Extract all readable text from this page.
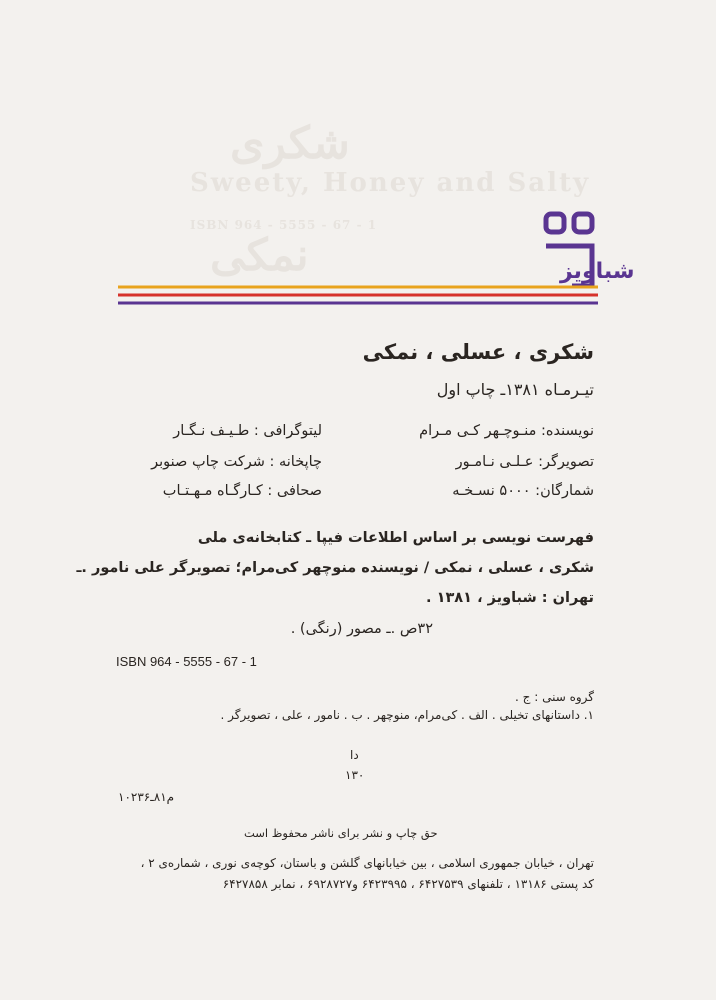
شکری
Sweety, Honey and Salty
ISBN 964 - 5555 - 67 - 1
نمکی	شباویز
شکری ، عسلی ، نمکی
تیـرمـاه ۱۳۸۱ـ چاپ اول
نویسنده: منـوچـهر کـی مـرام
تصویرگر: عـلـی نـامـور
شمارگان: ۵۰۰۰ نسـخـه
لیتوگرافی : طـیـف نـگـار
چاپخانه : شرکت چاپ صنوبر
صحافی : کـارگـاه مـهـتـاب
فهرست نویسی بر اساس اطلاعات فیپا ـ کتابخانه‌ی ملی
شکری ، عسلی ، نمکی / نویسنده منوچهر کی‌مرام؛ تصویرگر علی نامور .ـ
تهران : شباویز ، ۱۳۸۱ .
۳۲ص .ـ مصور (رنگی) .
ISBN 964 - 5555 - 67 - 1
گروه سنی : ج .
۱. داستانهای تخیلی . الف . کی‌مرام، منوچهر . ب . نامور ، علی ، تصویرگر .
دا
۱۳۰
م۸۱ـ۱۰۲۳۶
حق چاپ و نشر برای ناشر محفوظ است
تهران ، خیابان جمهوری اسلامی ، بین خیابانهای گلشن و باستان، کوچه‌ی نوری ، شماره‌ی ۲ ،
کد پستی ۱۳۱۸۶ ، تلفنهای ۶۴۲۷۵۳۹ ، ۶۴۲۳۹۹۵ و۶۹۲۸۷۲۷ ، نمابر ۶۴۲۷۸۵۸
